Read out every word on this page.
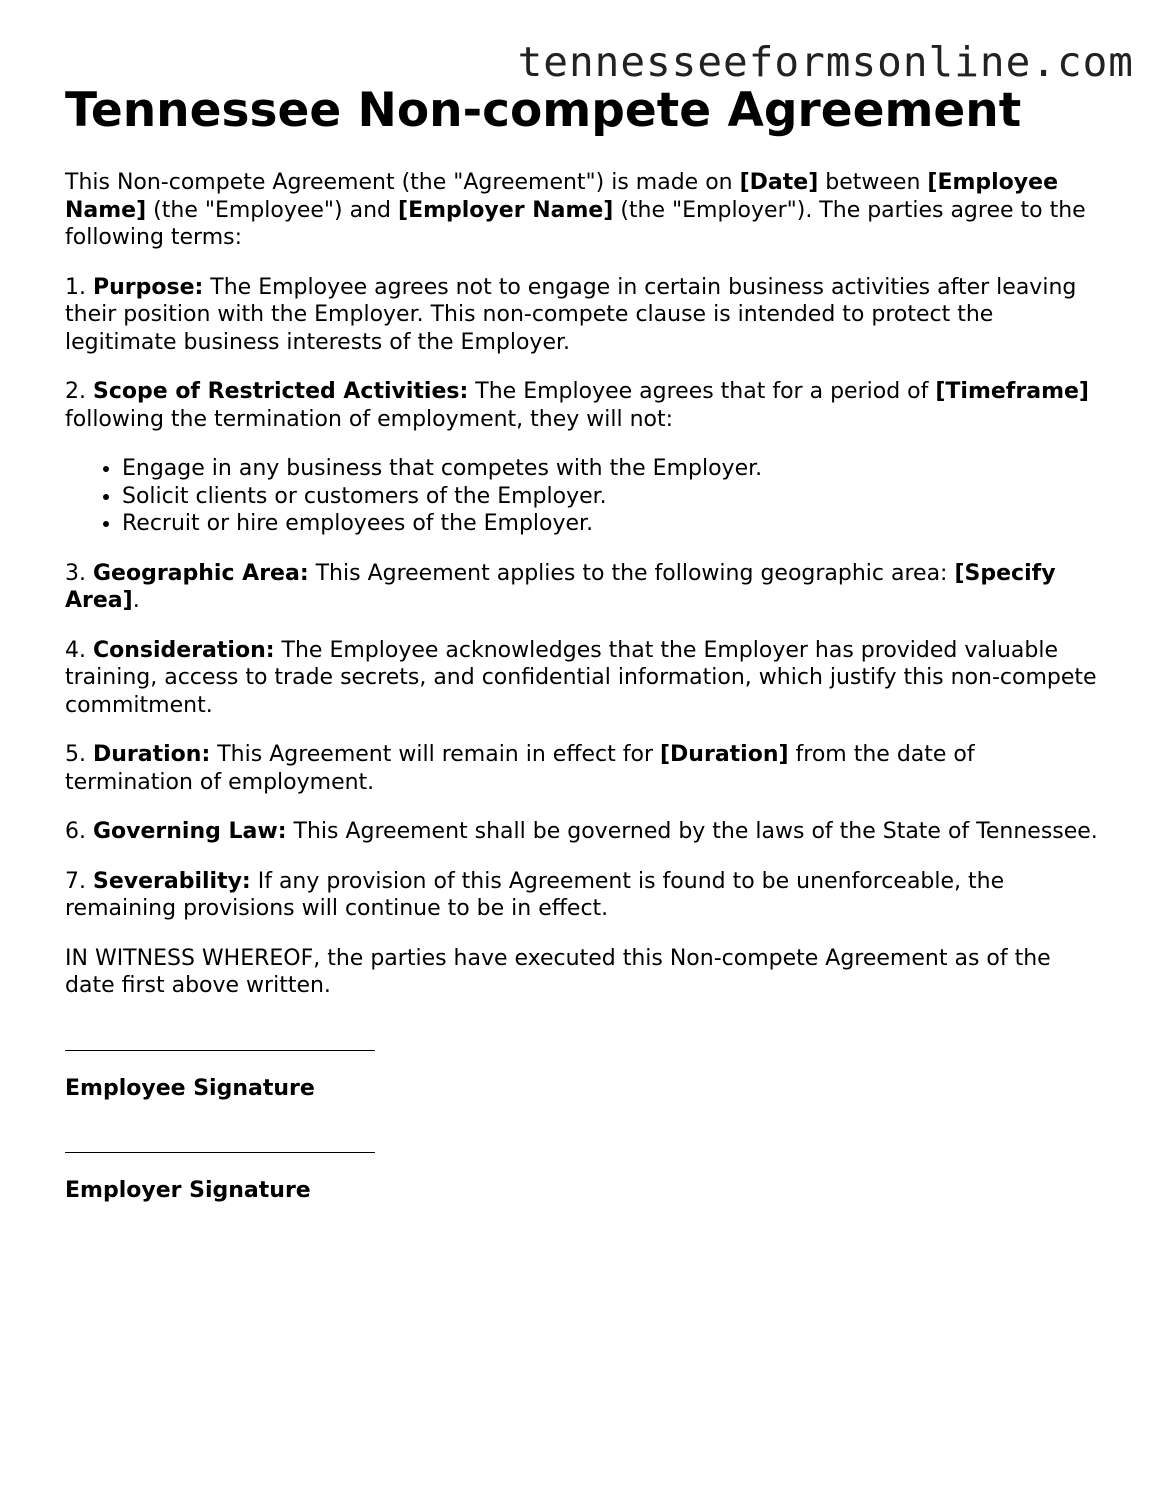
tennesseeformsonline.com
Tennessee Non-compete Agreement

This Non-compete Agreement (the "Agreement") is made on [Date] between [Employee Name] (the "Employee") and [Employer Name] (the "Employer"). The parties agree to the following terms:

1. Purpose: The Employee agrees not to engage in certain business activities after leaving their position with the Employer. This non-compete clause is intended to protect the legitimate business interests of the Employer.

2. Scope of Restricted Activities: The Employee agrees that for a period of [Timeframe] following the termination of employment, they will not:

• Engage in any business that competes with the Employer.
• Solicit clients or customers of the Employer.
• Recruit or hire employees of the Employer.

3. Geographic Area: This Agreement applies to the following geographic area: [Specify Area].

4. Consideration: The Employee acknowledges that the Employer has provided valuable training, access to trade secrets, and confidential information, which justify this non-compete commitment.

5. Duration: This Agreement will remain in effect for [Duration] from the date of termination of employment.

6. Governing Law: This Agreement shall be governed by the laws of the State of Tennessee.

7. Severability: If any provision of this Agreement is found to be unenforceable, the remaining provisions will continue to be in effect.

IN WITNESS WHEREOF, the parties have executed this Non-compete Agreement as of the date first above written.

Employee Signature
Employer Signature
